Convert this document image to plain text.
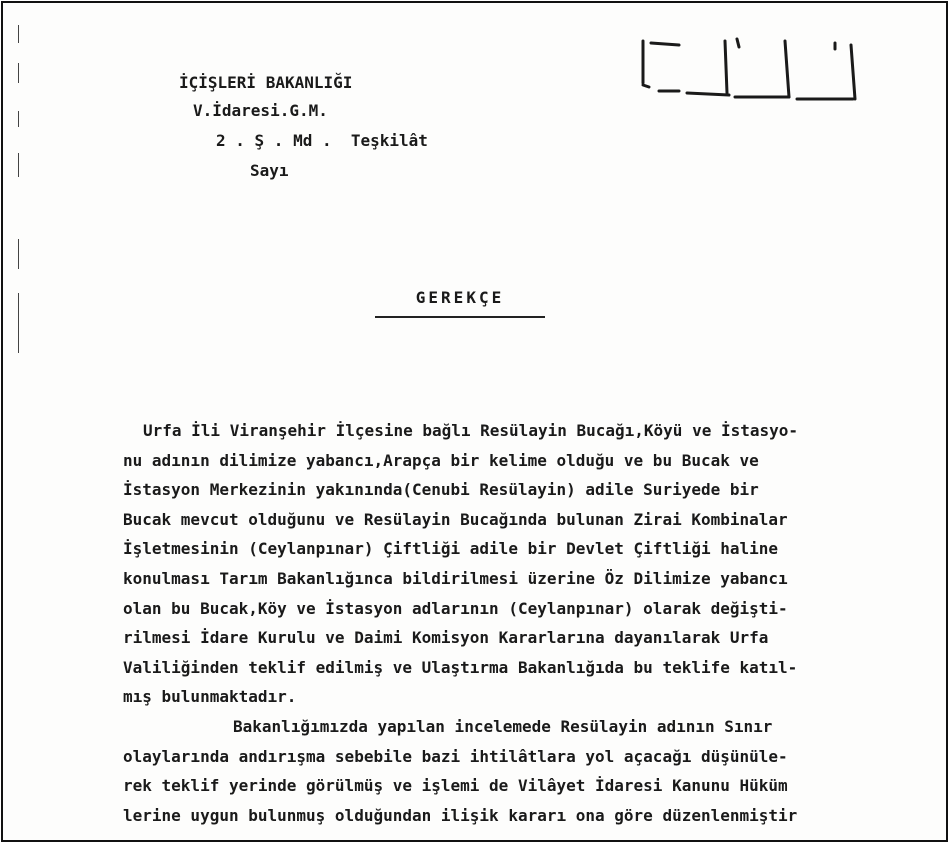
İÇİŞLERİ BAKANLIĞI
V.İdaresi.G.M.
2 . Ş . Md .  Teşkilât
Sayı
GEREKÇE
Urfa İli Viranşehir İlçesine bağlı Resülayin Bucağı,Köyü ve İstasyo-
nu adının dilimize yabancı,Arapça bir kelime olduğu ve bu Bucak ve
İstasyon Merkezinin yakınında(Cenubi Resülayin) adile Suriyede bir
Bucak mevcut olduğunu ve Resülayin Bucağında bulunan Zirai Kombinalar
İşletmesinin (Ceylanpınar) Çiftliği adile bir Devlet Çiftliği haline
konulması Tarım Bakanlığınca bildirilmesi üzerine Öz Dilimize yabancı
olan bu Bucak,Köy ve İstasyon adlarının (Ceylanpınar) olarak değişti-
rilmesi İdare Kurulu ve Daimi Komisyon Kararlarına dayanılarak Urfa
Valiliğinden teklif edilmiş ve Ulaştırma Bakanlığıda bu teklife katıl-
mış bulunmaktadır.
Bakanlığımızda yapılan incelemede Resülayin adının Sınır
olaylarında andırışma sebebile bazi ihtilâtlara yol açacağı düşünüle-
rek teklif yerinde görülmüş ve işlemi de Vilâyet İdaresi Kanunu Hüküm
lerine uygun bulunmuş olduğundan ilişik kararı ona göre düzenlenmiştir
